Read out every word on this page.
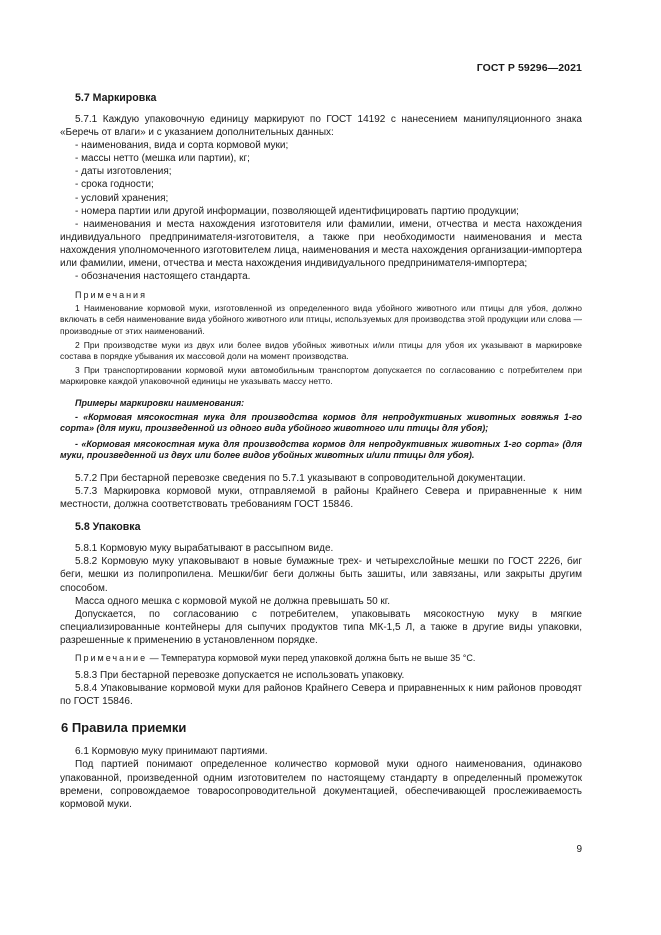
ГОСТ Р 59296—2021
5.7 Маркировка

5.7.1 Каждую упаковочную единицу маркируют по ГОСТ 14192 с нанесением манипуляционного знака «Беречь от влаги» и с указанием дополнительных данных:

- наименования, вида и сорта кормовой муки;

- массы нетто (мешка или партии), кг;

- даты изготовления;

- срока годности;

- условий хранения;

- номера партии или другой информации, позволяющей идентифицировать партию продукции;

- наименования и места нахождения изготовителя или фамилии, имени, отчества и места нахождения индивидуального предпринимателя-изготовителя, а также при необходимости наименования и места нахождения уполномоченного изготовителем лица, наименования и места нахождения организации-импортера или фамилии, имени, отчества и места нахождения индивидуального предпринимателя-импортера;

- обозначения настоящего стандарта.

Примечания

1 Наименование кормовой муки, изготовленной из определенного вида убойного животного или птицы для убоя, должно включать в себя наименование вида убойного животного или птицы, используемых для производства этой продукции или слова — производные от этих наименований.

2 При производстве муки из двух или более видов убойных животных и/или птицы для убоя их указывают в маркировке состава в порядке убывания их массовой доли на момент производства.

3 При транспортировании кормовой муки автомобильным транспортом допускается по согласованию с потребителем при маркировке каждой упаковочной единицы не указывать массу нетто.

Примеры маркировки наименования:

- «Кормовая мясокостная мука для производства кормов для непродуктивных животных говяжья 1-го сорта» (для муки, произведенной из одного вида убойного животного или птицы для убоя);

- «Кормовая мясокостная мука для производства кормов для непродуктивных животных 1-го сорта» (для муки, произведенной из двух или более видов убойных животных и/или птицы для убоя).

5.7.2 При бестарной перевозке сведения по 5.7.1 указывают в сопроводительной документации.

5.7.3 Маркировка кормовой муки, отправляемой в районы Крайнего Севера и приравненные к ним местности, должна соответствовать требованиям ГОСТ 15846.

5.8 Упаковка

5.8.1 Кормовую муку вырабатывают в рассыпном виде.

5.8.2 Кормовую муку упаковывают в новые бумажные трех- и четырехслойные мешки по ГОСТ 2226, биг беги, мешки из полипропилена. Мешки/биг беги должны быть зашиты, или завязаны, или закрыты другим способом.

Масса одного мешка с кормовой мукой не должна превышать 50 кг.

Допускается, по согласованию с потребителем, упаковывать мясокостную муку в мягкие специализированные контейнеры для сыпучих продуктов типа МК-1,5 Л, а также в другие виды упаковки, разрешенные к применению в установленном порядке.

Примечание — Температура кормовой муки перед упаковкой должна быть не выше 35 °С.

5.8.3 При бестарной перевозке допускается не использовать упаковку.

5.8.4 Упаковывание кормовой муки для районов Крайнего Севера и приравненных к ним районов проводят по ГОСТ 15846.

6 Правила приемки

6.1 Кормовую муку принимают партиями.

Под партией понимают определенное количество кормовой муки одного наименования, одинаково упакованной, произведенной одним изготовителем по настоящему стандарту в определенный промежуток времени, сопровождаемое товаросопроводительной документацией, обеспечивающей прослеживаемость кормовой муки.

9
